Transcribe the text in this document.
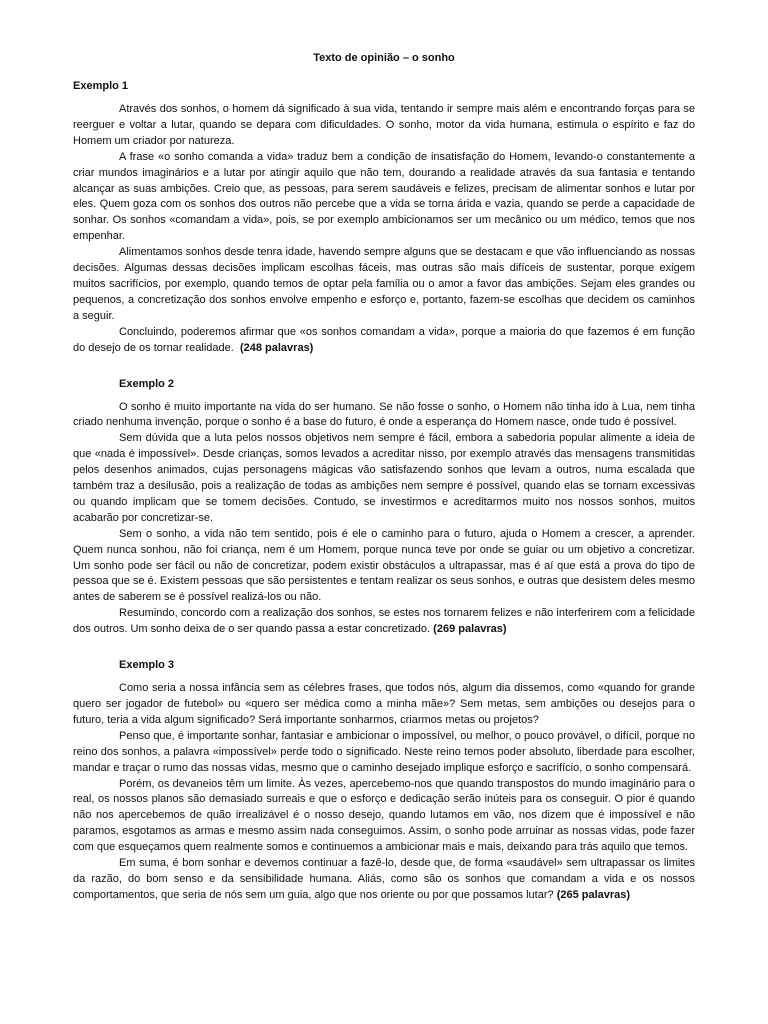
Texto de opinião – o sonho
Exemplo 1

Através dos sonhos, o homem dá significado à sua vida, tentando ir sempre mais além e encontrando forças para se reerguer e voltar a lutar, quando se depara com dificuldades. O sonho, motor da vida humana, estimula o espírito e faz do Homem um criador por natureza.

A frase «o sonho comanda a vida» traduz bem a condição de insatisfação do Homem, levando-o constantemente a criar mundos imaginários e a lutar por atingir aquilo que não tem, dourando a realidade através da sua fantasia e tentando alcançar as suas ambições. Creio que, as pessoas, para serem saudáveis e felizes, precisam de alimentar sonhos e lutar por eles. Quem goza com os sonhos dos outros não percebe que a vida se torna árida e vazia, quando se perde a capacidade de sonhar. Os sonhos «comandam a vida», pois, se por exemplo ambicionamos ser um mecânico ou um médico, temos que nos empenhar.

Alimentamos sonhos desde tenra idade, havendo sempre alguns que se destacam e que vão influenciando as nossas decisões. Algumas dessas decisões implicam escolhas fáceis, mas outras são mais difíceis de sustentar, porque exigem muitos sacrifícios, por exemplo, quando temos de optar pela família ou o amor a favor das ambições. Sejam eles grandes ou pequenos, a concretização dos sonhos envolve empenho e esforço e, portanto, fazem-se escolhas que decidem os caminhos a seguir.

Concluindo, poderemos afirmar que «os sonhos comandam a vida», porque a maioria do que fazemos é em função do desejo de os tornar realidade. (248 palavras)

Exemplo 2

O sonho é muito importante na vida do ser humano. Se não fosse o sonho, o Homem não tinha ido à Lua, nem tinha criado nenhuma invenção, porque o sonho é a base do futuro, é onde a esperança do Homem nasce, onde tudo é possível.

Sem dúvida que a luta pelos nossos objetivos nem sempre é fácil, embora a sabedoria popular alimente a ideia de que «nada é impossível». Desde crianças, somos levados a acreditar nisso, por exemplo através das mensagens transmitidas pelos desenhos animados, cujas personagens mágicas vão satisfazendo sonhos que levam a outros, numa escalada que também traz a desilusão, pois a realização de todas as ambições nem sempre é possível, quando elas se tornam excessivas ou quando implicam que se tomem decisões. Contudo, se investirmos e acreditarmos muito nos nossos sonhos, muitos acabarão por concretizar-se.

Sem o sonho, a vida não tem sentido, pois é ele o caminho para o futuro, ajuda o Homem a crescer, a aprender. Quem nunca sonhou, não foi criança, nem é um Homem, porque nunca teve por onde se guiar ou um objetivo a concretizar. Um sonho pode ser fácil ou não de concretizar, podem existir obstáculos a ultrapassar, mas é aí que está a prova do tipo de pessoa que se é. Existem pessoas que são persistentes e tentam realizar os seus sonhos, e outras que desistem deles mesmo antes de saberem se é possível realizá-los ou não.

Resumindo, concordo com a realização dos sonhos, se estes nos tornarem felizes e não interferirem com a felicidade dos outros. Um sonho deixa de o ser quando passa a estar concretizado. (269 palavras)

Exemplo 3

Como seria a nossa infância sem as célebres frases, que todos nós, algum dia dissemos, como «quando for grande quero ser jogador de futebol» ou «quero ser médica como a minha mãe»? Sem metas, sem ambições ou desejos para o futuro, teria a vida algum significado? Será importante sonharmos, criarmos metas ou projetos?

Penso que, é importante sonhar, fantasiar e ambicionar o impossível, ou melhor, o pouco provável, o difícil, porque no reino dos sonhos, a palavra «impossível» perde todo o significado. Neste reino temos poder absoluto, liberdade para escolher, mandar e traçar o rumo das nossas vidas, mesmo que o caminho desejado implique esforço e sacrifício, o sonho compensará.

Porém, os devaneios têm um limite. Às vezes, apercebemo-nos que quando transpostos do mundo imaginário para o real, os nossos planos são demasiado surreais e que o esforço e dedicação serão inúteis para os conseguir. O pior é quando não nos apercebemos de quão irrealizável é o nosso desejo, quando lutamos em vão, nos dizem que é impossível e não paramos, esgotamos as armas e mesmo assim nada conseguimos. Assim, o sonho pode arruinar as nossas vidas, pode fazer com que esqueçamos quem realmente somos e continuemos a ambicionar mais e mais, deixando para trás aquilo que temos.

Em suma, é bom sonhar e devemos continuar a fazê-lo, desde que, de forma «saudável» sem ultrapassar os limites da razão, do bom senso e da sensibilidade humana. Aliás, como são os sonhos que comandam a vida e os nossos comportamentos, que seria de nós sem um guia, algo que nos oriente ou por que possamos lutar? (265 palavras)
